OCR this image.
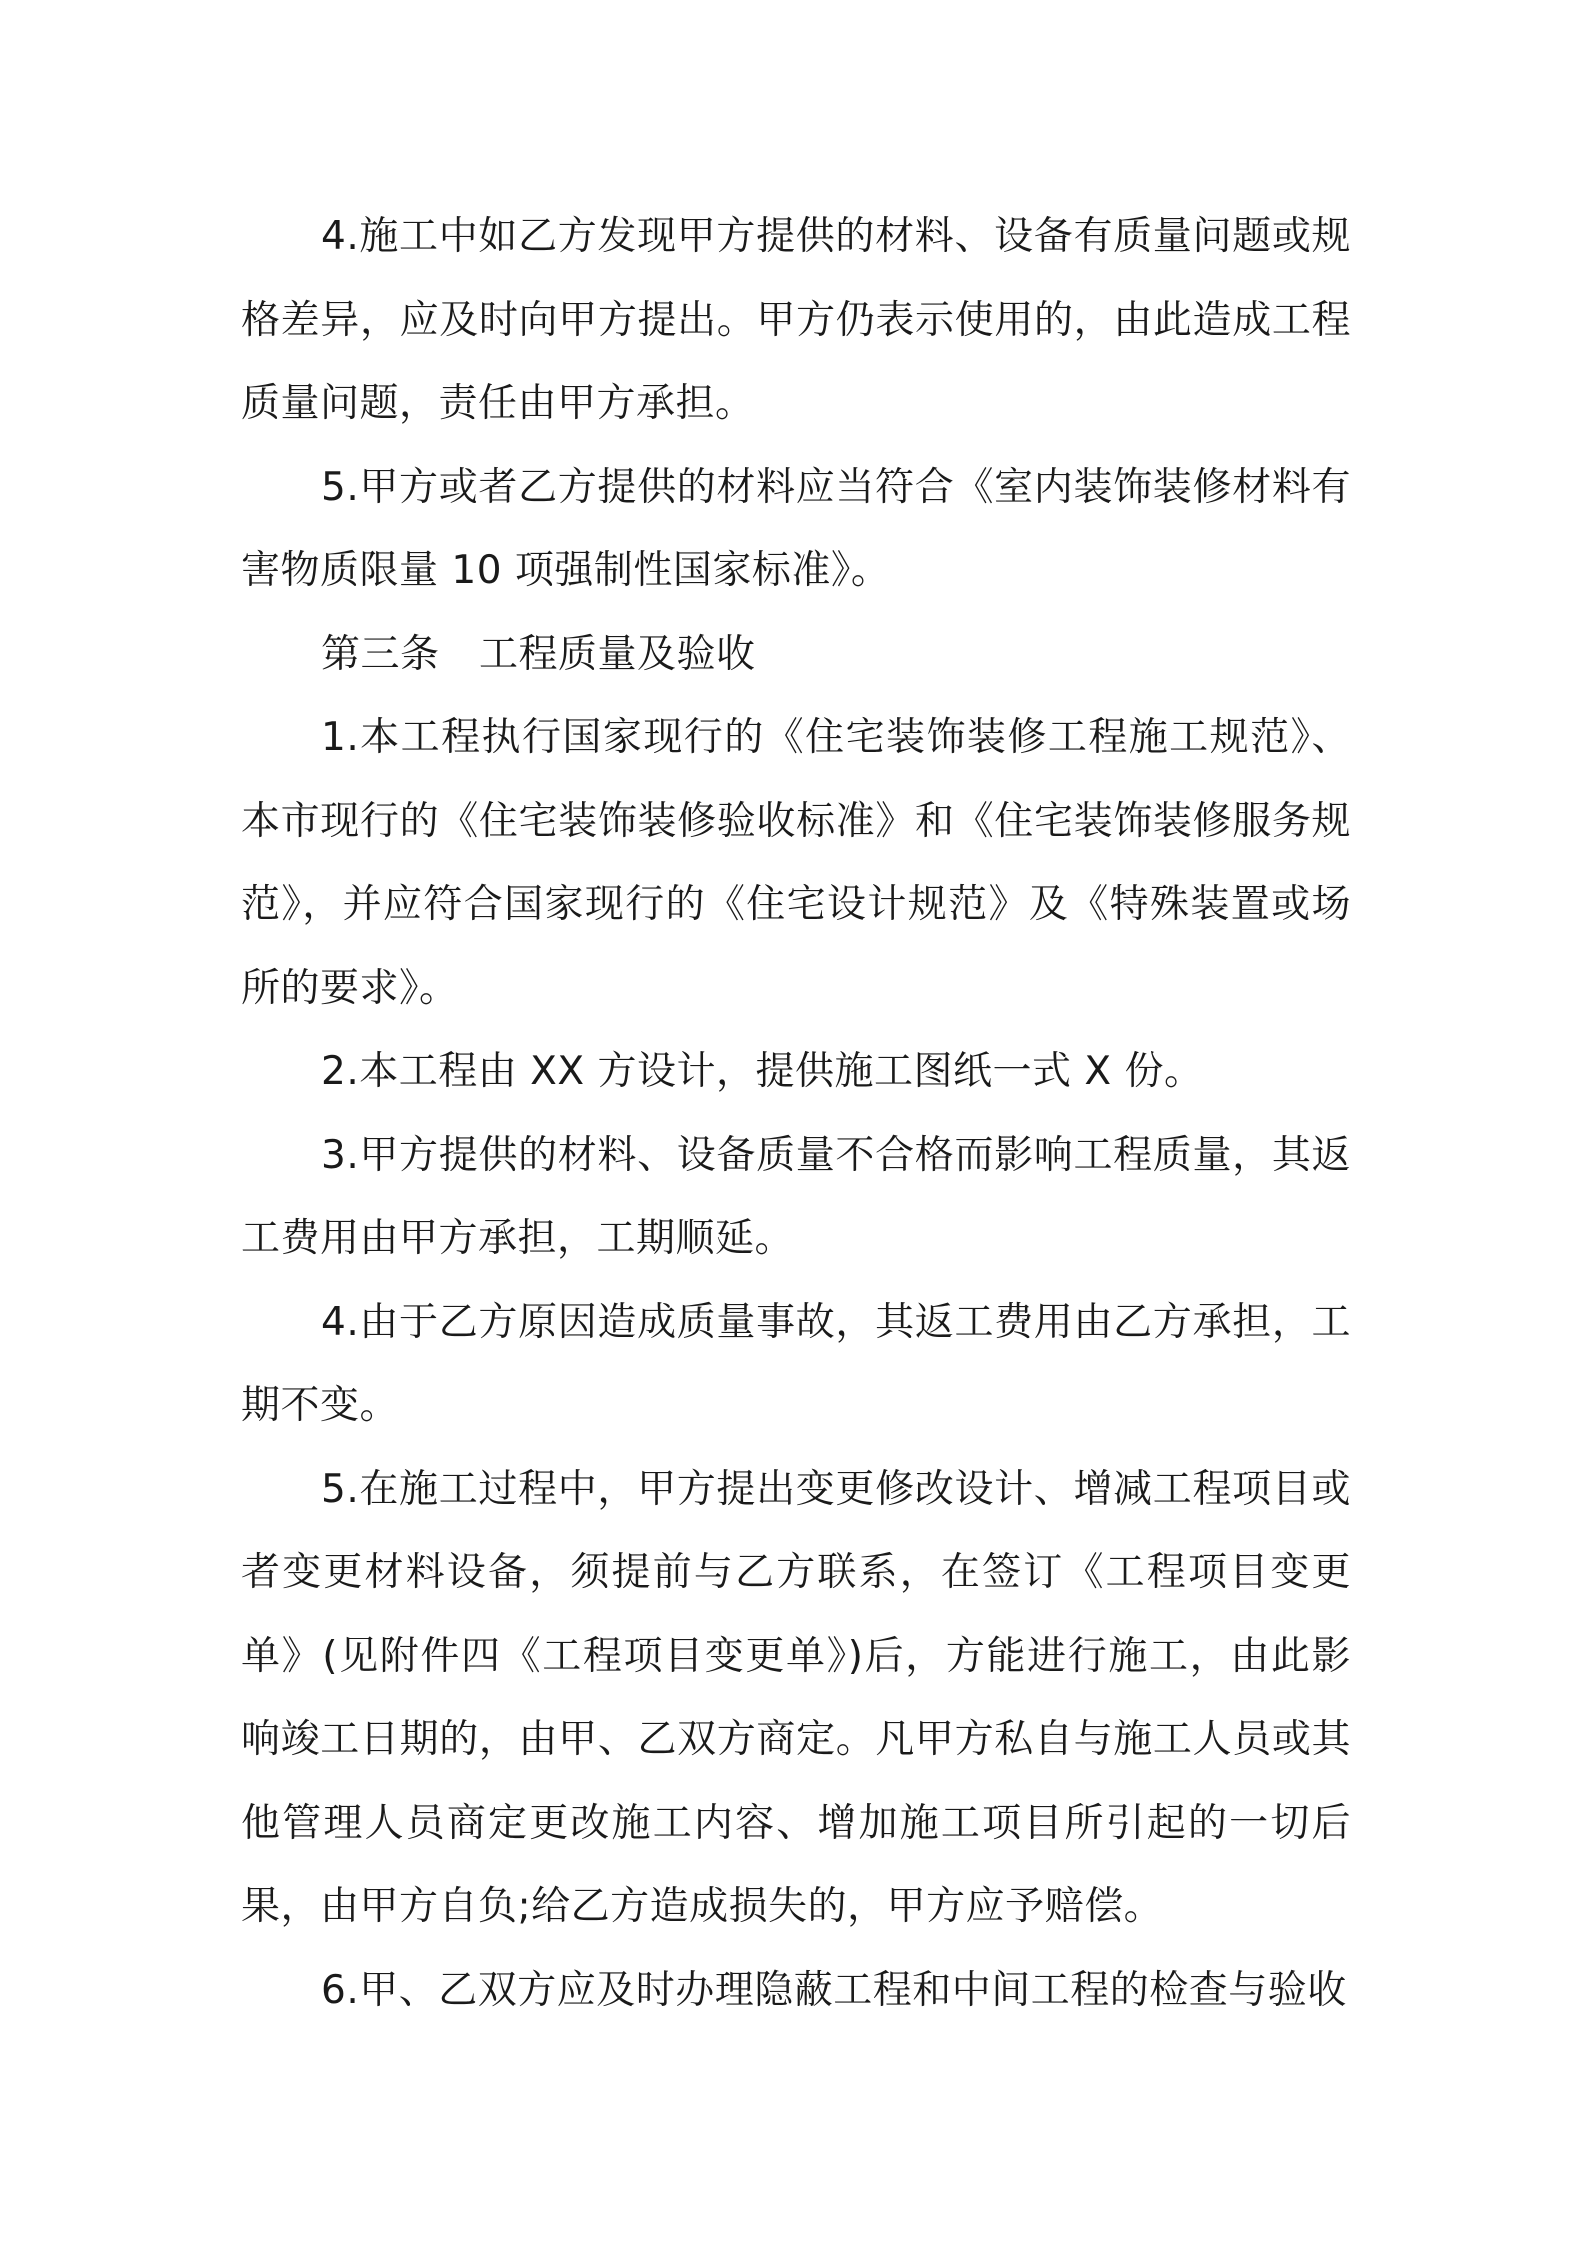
4.施工中如乙方发现甲方提供的材料、设备有质量问题或规格差异，应及时向甲方提出。甲方仍表示使用的，由此造成工程质量问题，责任由甲方承担。

5.甲方或者乙方提供的材料应当符合《室内装饰装修材料有害物质限量 10 项强制性国家标准》。

第三条　工程质量及验收

1.本工程执行国家现行的《住宅装饰装修工程施工规范》、本市现行的《住宅装饰装修验收标准》和《住宅装饰装修服务规范》，并应符合国家现行的《住宅设计规范》及《特殊装置或场所的要求》。

2.本工程由 XX 方设计，提供施工图纸一式 X 份。

3.甲方提供的材料、设备质量不合格而影响工程质量，其返工费用由甲方承担，工期顺延。

4.由于乙方原因造成质量事故，其返工费用由乙方承担，工期不变。

5.在施工过程中，甲方提出变更修改设计、增减工程项目或者变更材料设备，须提前与乙方联系，在签订《工程项目变更单》(见附件四《工程项目变更单》)后，方能进行施工，由此影响竣工日期的，由甲、乙双方商定。凡甲方私自与施工人员或其他管理人员商定更改施工内容、增加施工项目所引起的一切后果，由甲方自负;给乙方造成损失的，甲方应予赔偿。

6.甲、乙双方应及时办理隐蔽工程和中间工程的检查与验收
